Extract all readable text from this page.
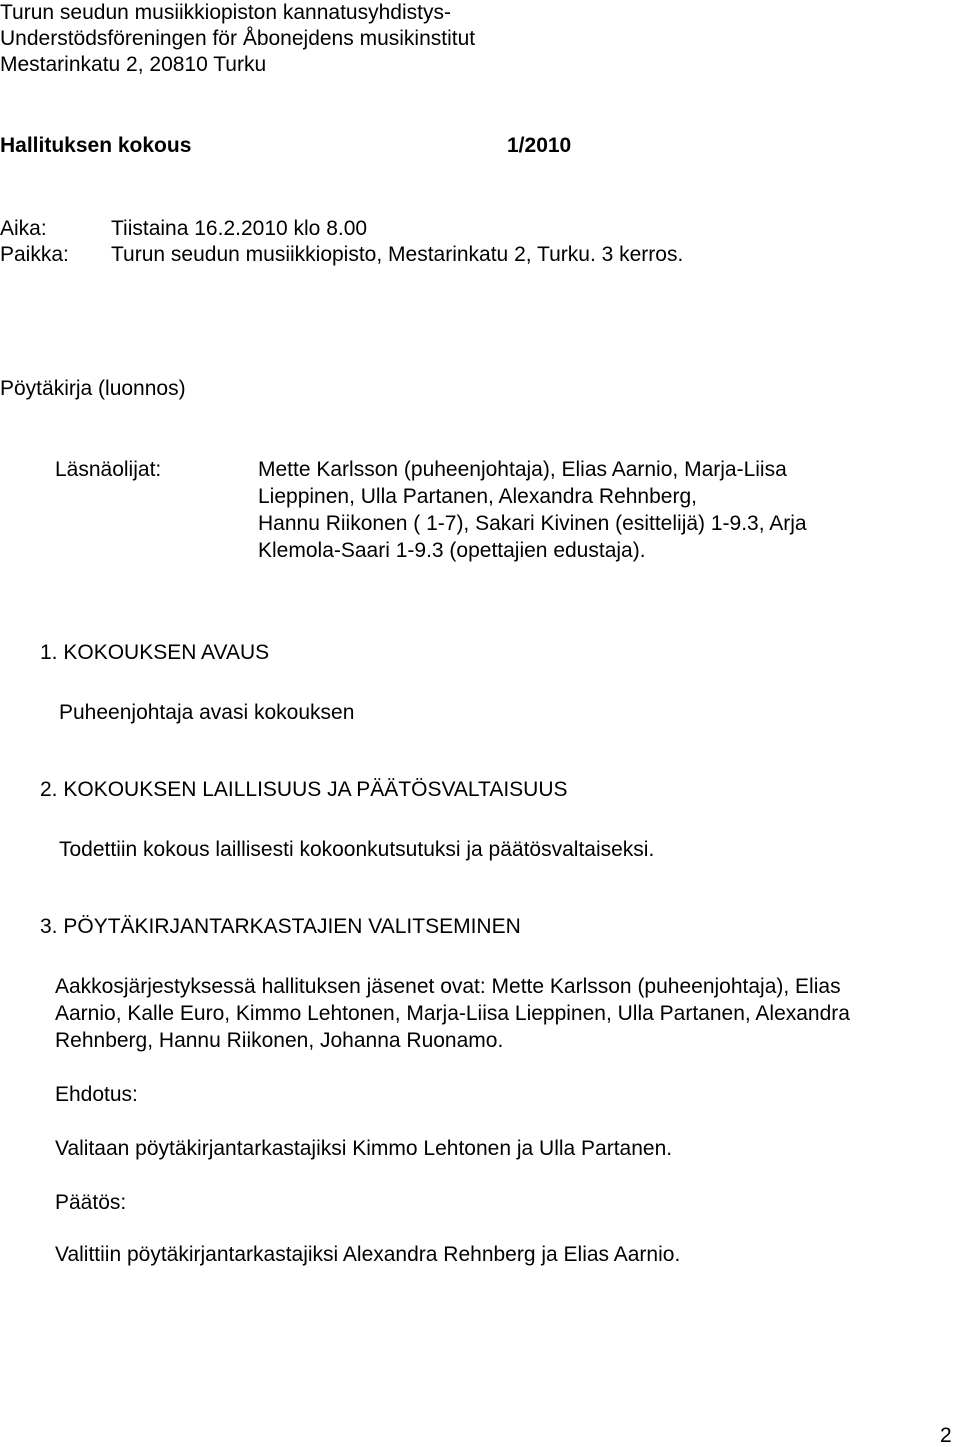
Turun seudun musiikkiopiston kannatusyhdistys-
Understödsföreningen för Åbonejdens musikinstitut
Mestarinkatu 2, 20810 Turku
Hallituksen kokous	1/2010
Aika:	Tiistaina 16.2.2010 klo 8.00
Paikka: Turun seudun musiikkiopisto, Mestarinkatu 2, Turku. 3 kerros.
Pöytäkirja (luonnos)
Läsnäolijat:	Mette Karlsson (puheenjohtaja), Elias Aarnio, Marja-Liisa
Lieppinen, Ulla Partanen, Alexandra Rehnberg,
Hannu Riikonen ( 1-7), Sakari Kivinen (esittelijä) 1-9.3, Arja
Klemola-Saari 1-9.3 (opettajien edustaja).
1. KOKOUKSEN AVAUS
Puheenjohtaja avasi kokouksen
2. KOKOUKSEN LAILLISUUS JA PÄÄTÖSVALTAISUUS
Todettiin kokous laillisesti kokoonkutsutuksi ja päätösvaltaiseksi.
3. PÖYTÄKIRJANTARKASTAJIEN VALITSEMINEN
Aakkosjärjestyksessä hallituksen jäsenet ovat: Mette Karlsson (puheenjohtaja), Elias
Aarnio, Kalle Euro, Kimmo Lehtonen, Marja-Liisa Lieppinen, Ulla Partanen, Alexandra
Rehnberg, Hannu Riikonen, Johanna Ruonamo.
Ehdotus:
Valitaan pöytäkirjantarkastajiksi Kimmo Lehtonen ja Ulla Partanen.
Päätös:
Valittiin pöytäkirjantarkastajiksi Alexandra Rehnberg ja Elias Aarnio.
2
